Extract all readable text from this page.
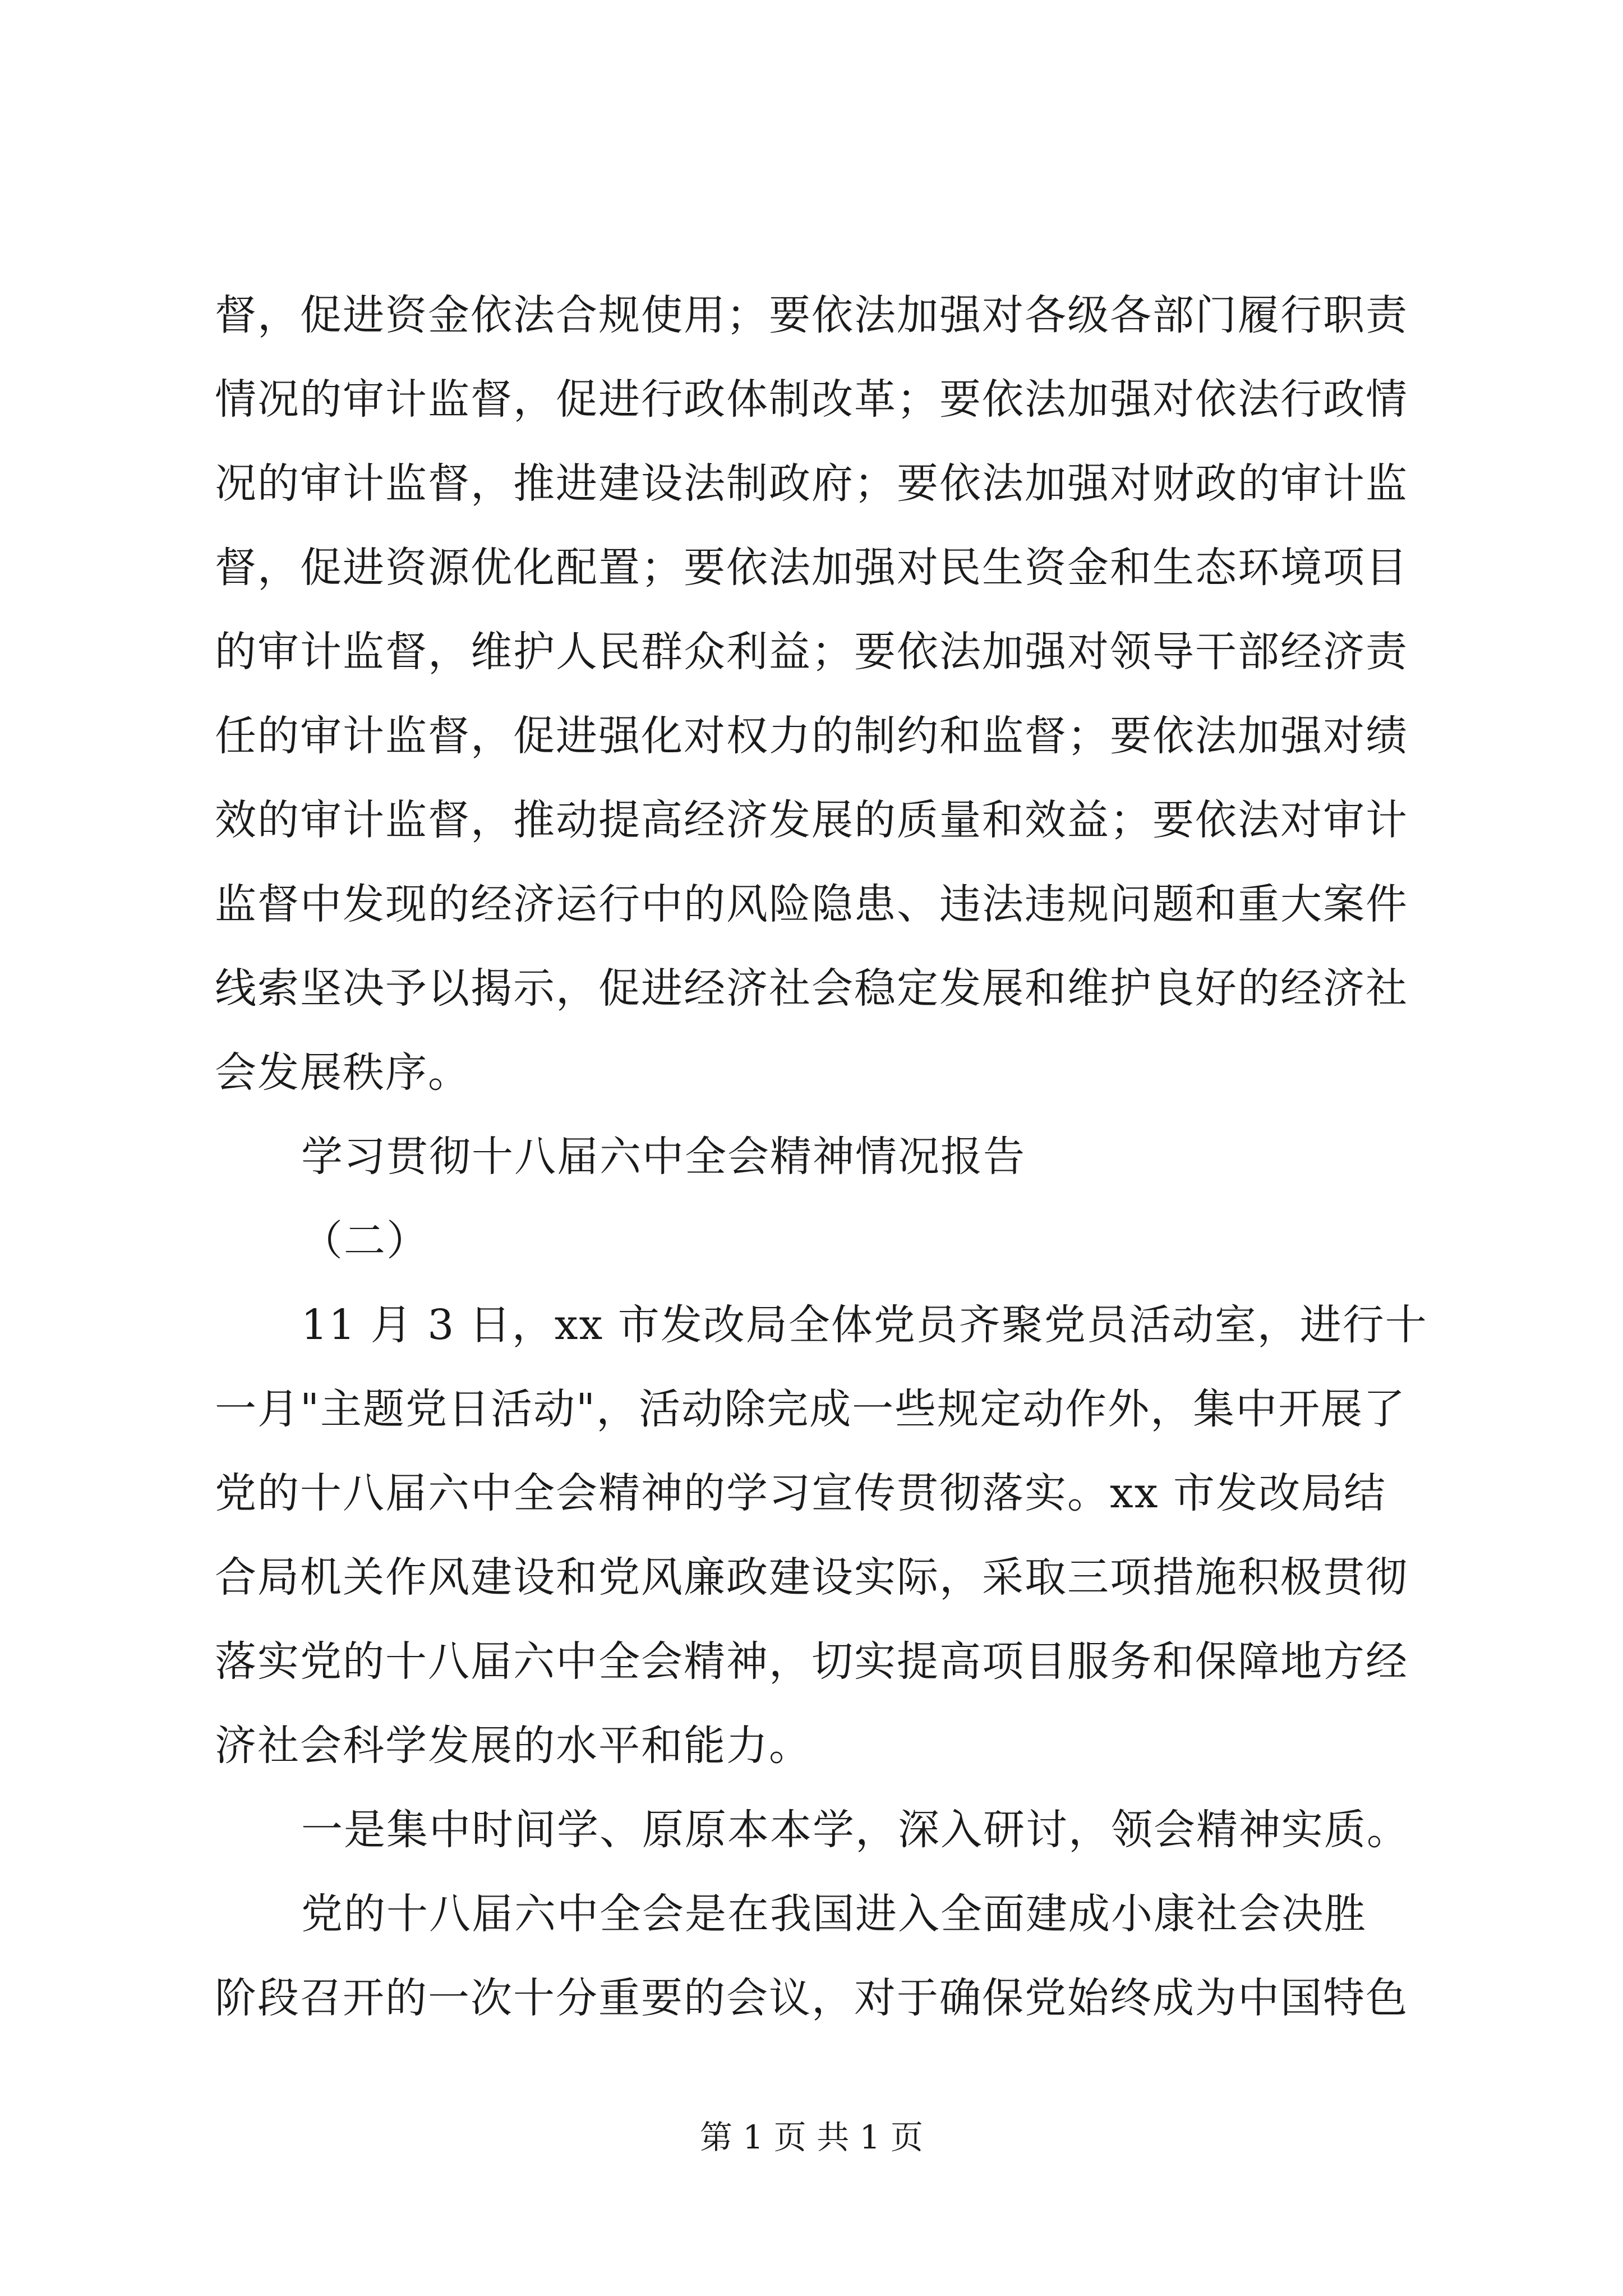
督，促进资金依法合规使用；要依法加强对各级各部门履行职责
情况的审计监督，促进行政体制改革；要依法加强对依法行政情
况的审计监督，推进建设法制政府；要依法加强对财政的审计监
督，促进资源优化配置；要依法加强对民生资金和生态环境项目
的审计监督，维护人民群众利益；要依法加强对领导干部经济责
任的审计监督，促进强化对权力的制约和监督；要依法加强对绩
效的审计监督，推动提高经济发展的质量和效益；要依法对审计
监督中发现的经济运行中的风险隐患、违法违规问题和重大案件
线索坚决予以揭示，促进经济社会稳定发展和维护良好的经济社
会发展秩序。
学习贯彻十八届六中全会精神情况报告
（二）
11 月 3 日，xx 市发改局全体党员齐聚党员活动室，进行十
一月"主题党日活动"，活动除完成一些规定动作外，集中开展了
党的十八届六中全会精神的学习宣传贯彻落实。xx 市发改局结
合局机关作风建设和党风廉政建设实际，采取三项措施积极贯彻
落实党的十八届六中全会精神，切实提高项目服务和保障地方经
济社会科学发展的水平和能力。
一是集中时间学、原原本本学，深入研讨，领会精神实质。
党的十八届六中全会是在我国进入全面建成小康社会决胜
阶段召开的一次十分重要的会议，对于确保党始终成为中国特色
第 1 页 共 1 页
